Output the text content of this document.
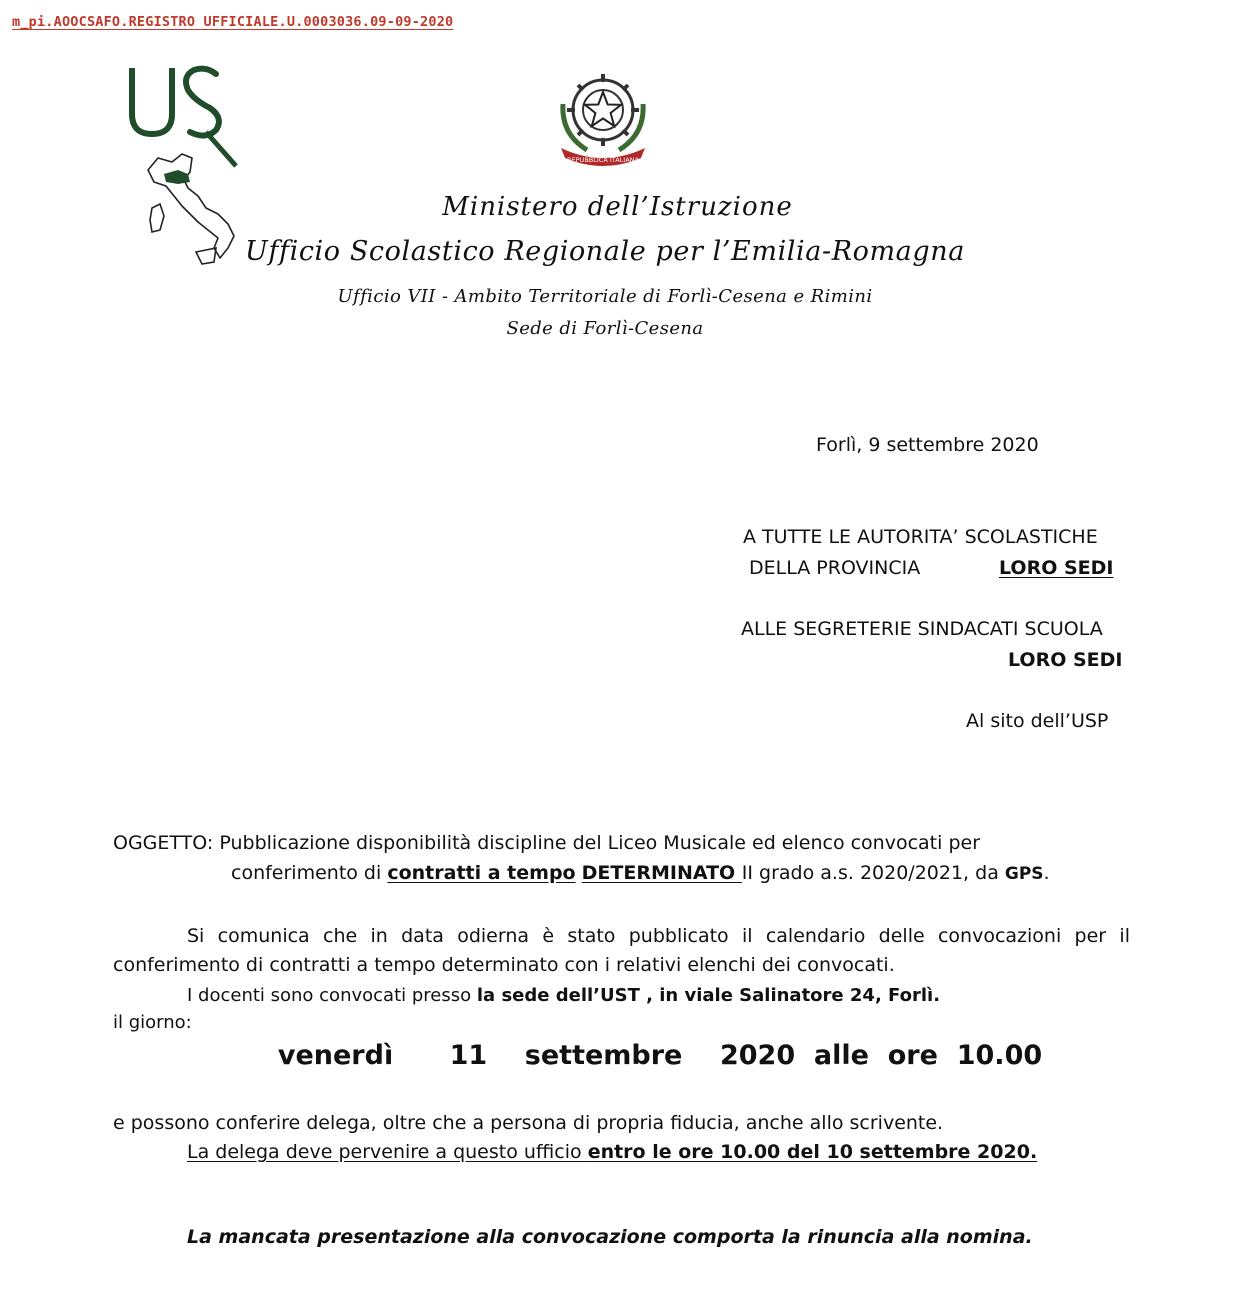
m_pi.AOOCSAFO.REGISTRO UFFICIALE.U.0003036.09-09-2020
REPUBBLICA ITALIANA
Ministero dell’Istruzione
Ufficio Scolastico Regionale per l’Emilia-Romagna
Ufficio VII - Ambito Territoriale di Forlì-Cesena e Rimini
Sede di Forlì-Cesena
Forlì, 9 settembre 2020
A TUTTE LE AUTORITA’ SCOLASTICHE
DELLA PROVINCIA	LORO SEDI
ALLE SEGRETERIE SINDACATI SCUOLA
LORO SEDI
Al sito dell’USP
OGGETTO: Pubblicazione disponibilità discipline del Liceo Musicale ed elenco convocati per
conferimento di contratti a tempo DETERMINATO II grado a.s. 2020/2021, da GPS.
Si comunica che in data odierna è stato pubblicato il calendario delle convocazioni per il conferimento di contratti a tempo determinato con i relativi elenchi dei convocati.
I docenti sono convocati presso la sede dell’UST , in viale Salinatore 24, Forlì.
il giorno:
venerdì      11    settembre    2020  alle  ore  10.00
e possono conferire delega, oltre che a persona di propria fiducia, anche allo scrivente.
La delega deve pervenire a questo ufficio entro le ore 10.00 del 10 settembre 2020.
La mancata presentazione alla convocazione comporta la rinuncia alla nomina.
